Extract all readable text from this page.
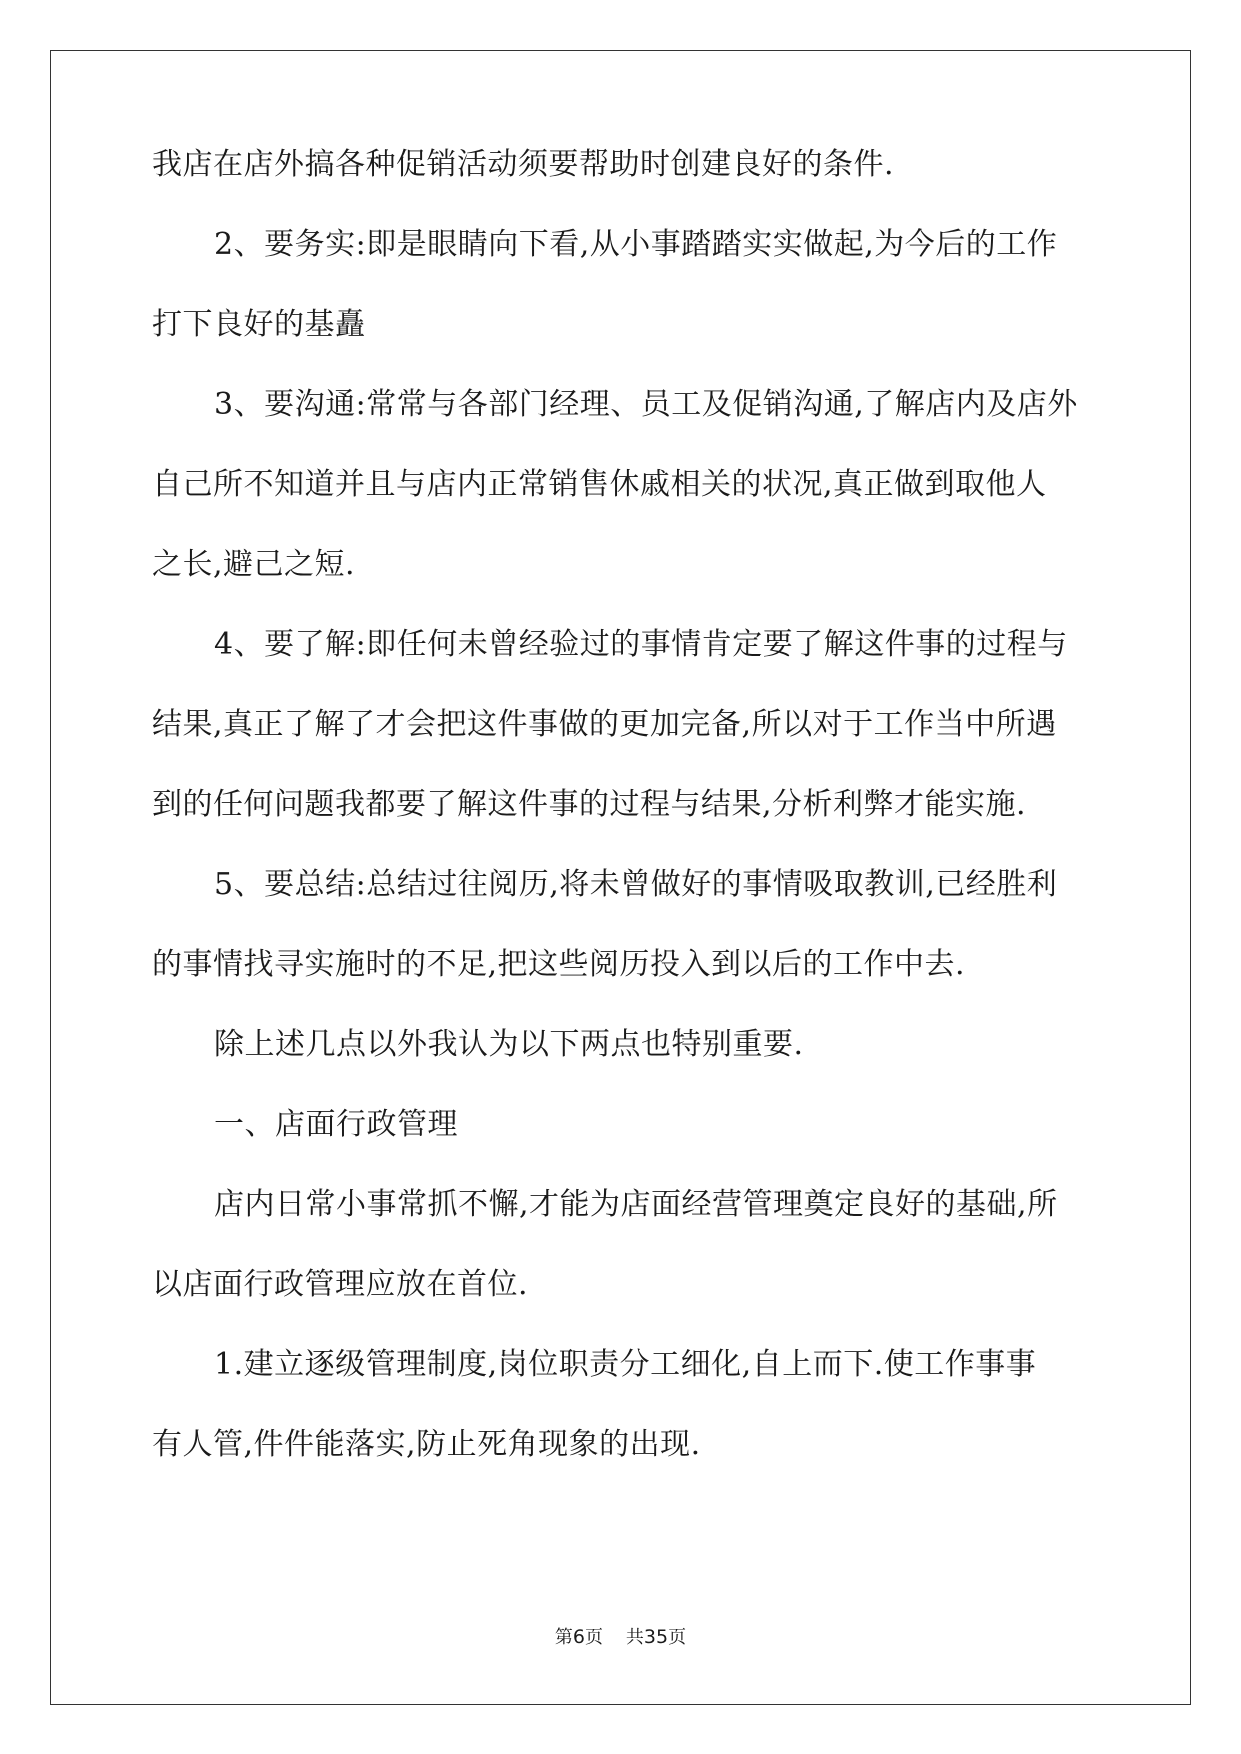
我店在店外搞各种促销活动须要帮助时创建良好的条件.
2、要务实:即是眼睛向下看,从小事踏踏实实做起,为今后的工作
打下良好的基矗
3、要沟通:常常与各部门经理、员工及促销沟通,了解店内及店外
自己所不知道并且与店内正常销售休戚相关的状况,真正做到取他人
之长,避己之短.
4、要了解:即任何未曾经验过的事情肯定要了解这件事的过程与
结果,真正了解了才会把这件事做的更加完备,所以对于工作当中所遇
到的任何问题我都要了解这件事的过程与结果,分析利弊才能实施.
5、要总结:总结过往阅历,将未曾做好的事情吸取教训,已经胜利
的事情找寻实施时的不足,把这些阅历投入到以后的工作中去.
除上述几点以外我认为以下两点也特别重要.
一、店面行政管理
店内日常小事常抓不懈,才能为店面经营管理奠定良好的基础,所
以店面行政管理应放在首位.
1.建立逐级管理制度,岗位职责分工细化,自上而下.使工作事事
有人管,件件能落实,防止死角现象的出现.
第6页 共35页
